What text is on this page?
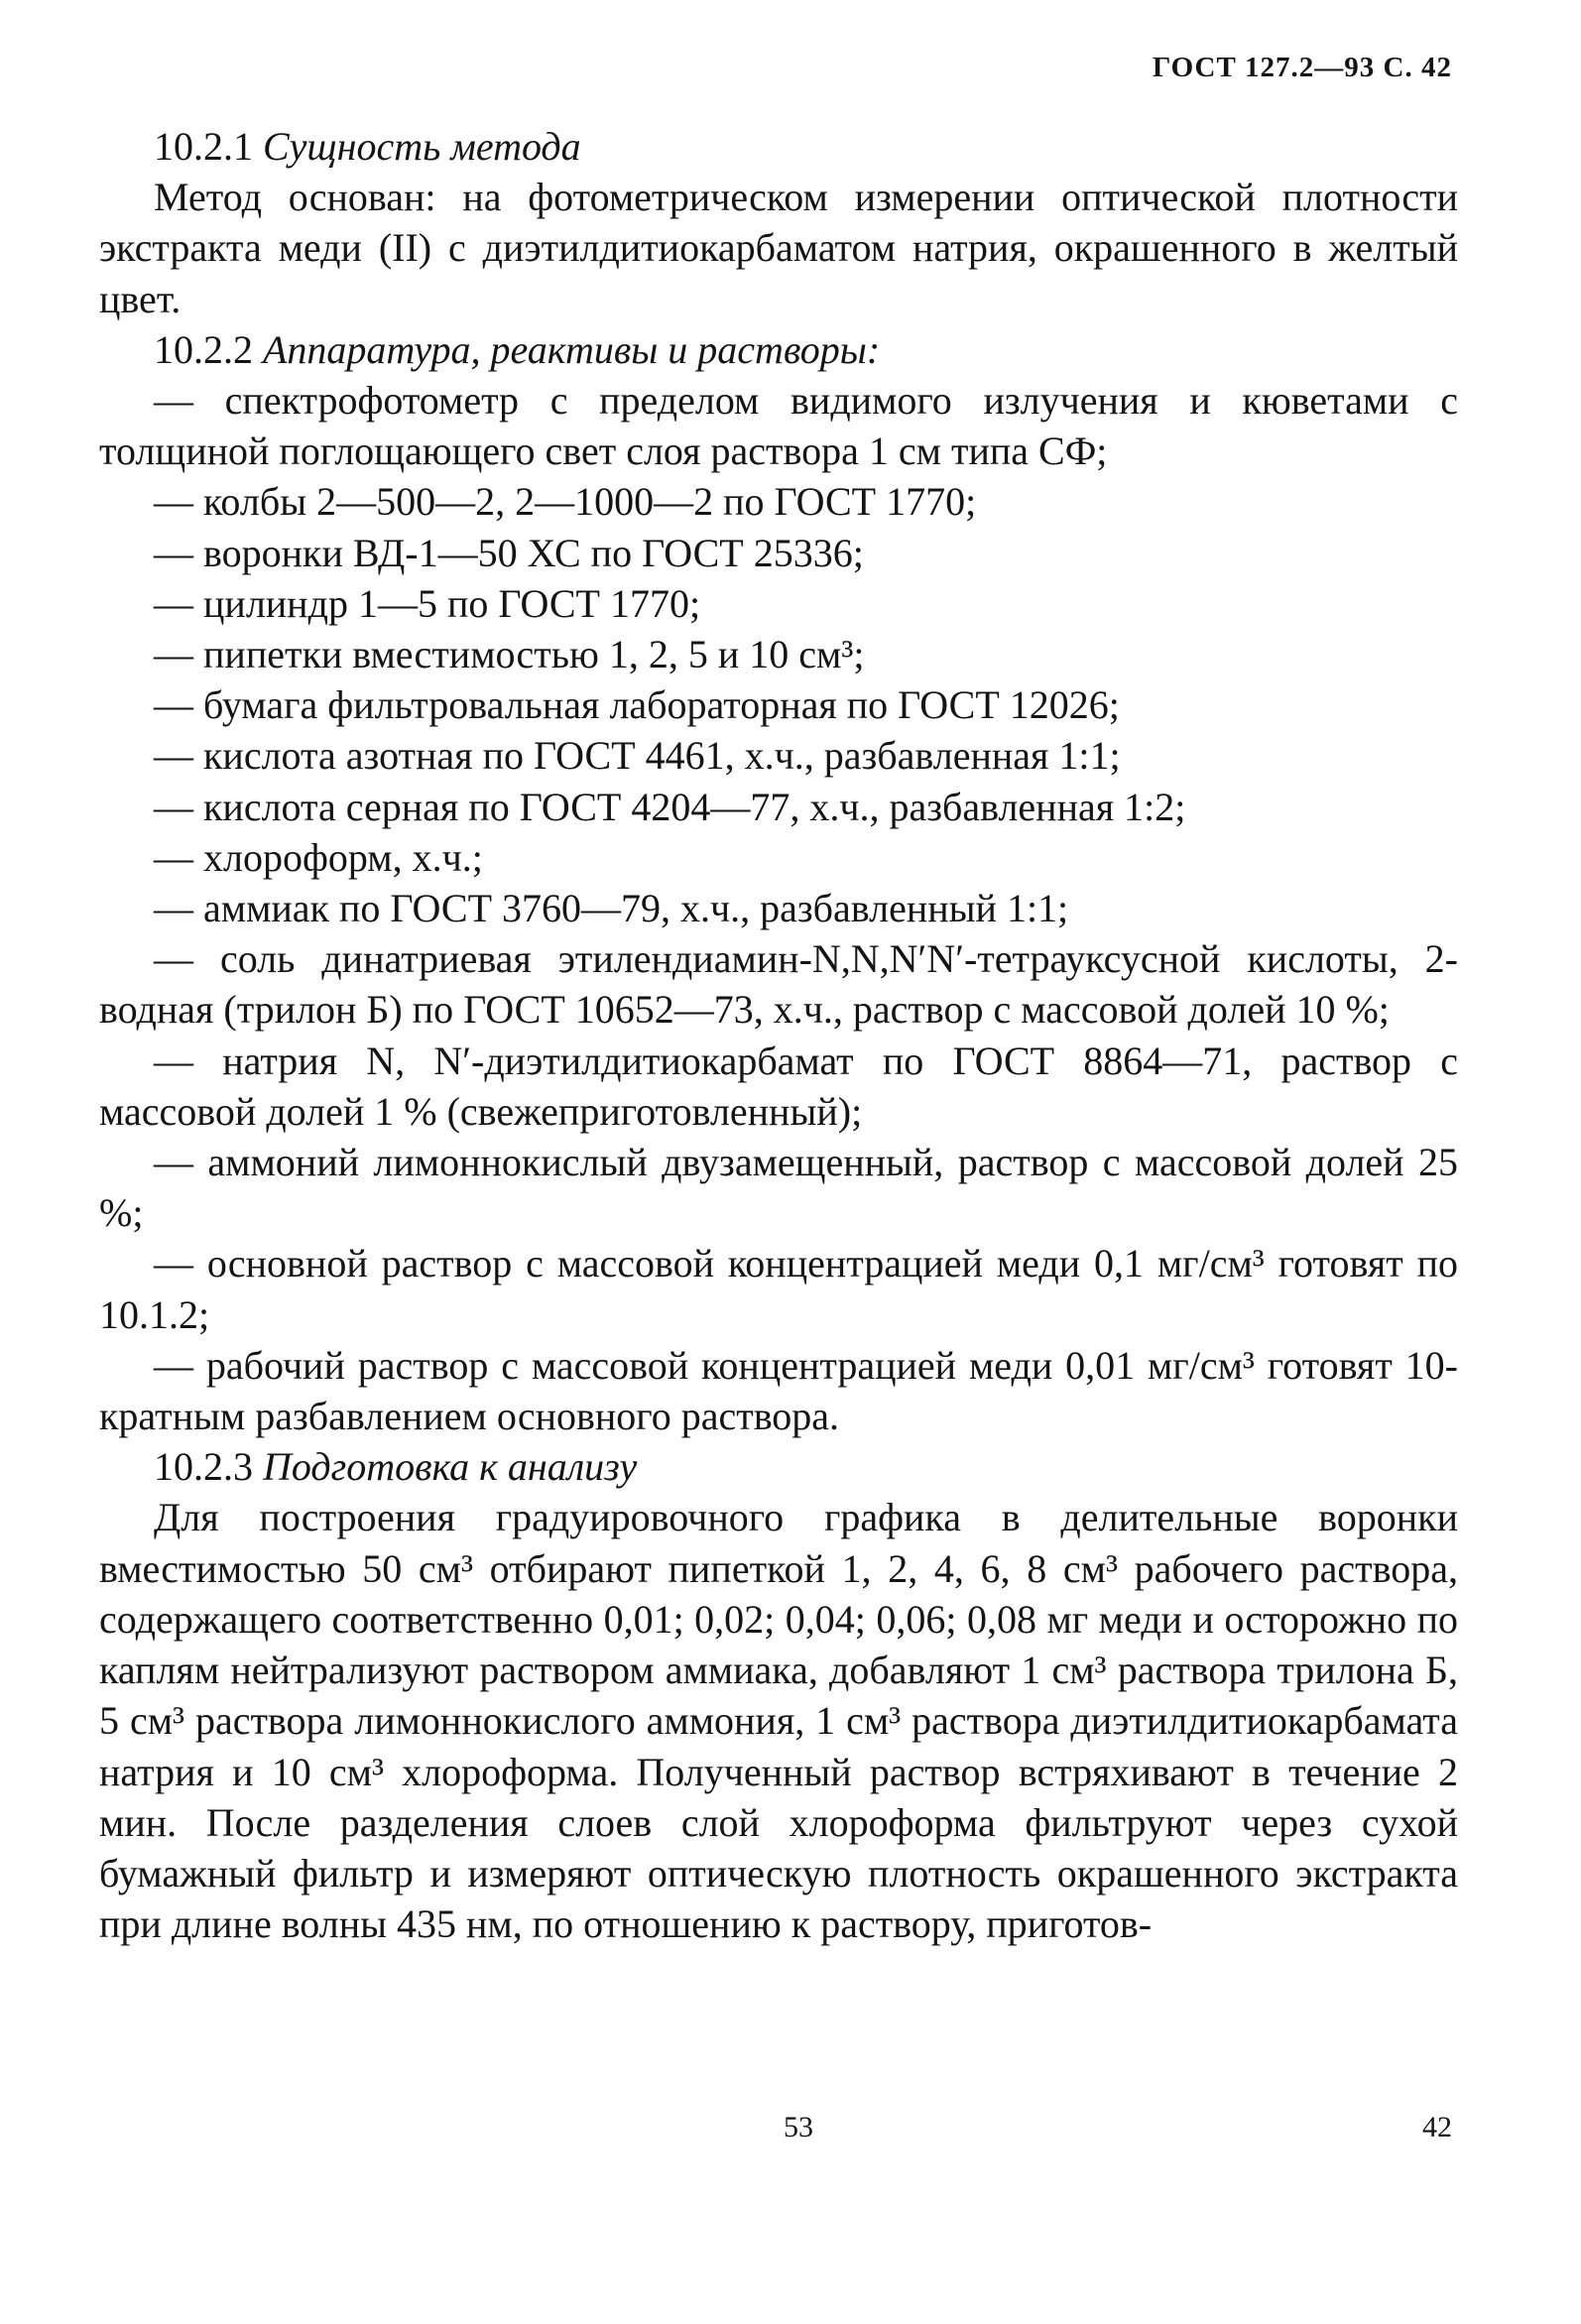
ГОСТ 127.2—93 С. 42

10.2.1 Сущность метода

Метод основан: на фотометрическом измерении оптической плотности экстракта меди (II) с диэтилдитиокарбаматом натрия, окрашенного в желтый цвет.

10.2.2 Аппаратура, реактивы и растворы:

— спектрофотометр с пределом видимого излучения и кюветами с толщиной поглощающего свет слоя раствора 1 см типа СФ;

— колбы 2—500—2, 2—1000—2 по ГОСТ 1770;

— воронки ВД-1—50 ХС по ГОСТ 25336;

— цилиндр 1—5 по ГОСТ 1770;

— пипетки вместимостью 1, 2, 5 и 10 см³;

— бумага фильтровальная лабораторная по ГОСТ 12026;

— кислота азотная по ГОСТ 4461, х.ч., разбавленная 1:1;

— кислота серная по ГОСТ 4204—77, х.ч., разбавленная 1:2;

— хлороформ, х.ч.;

— аммиак по ГОСТ 3760—79, х.ч., разбавленный 1:1;

— соль динатриевая этилендиамин-N,N,N′N′-тетрауксусной кислоты, 2-водная (трилон Б) по ГОСТ 10652—73, х.ч., раствор с массовой долей 10 %;

— натрия N, N′-диэтилдитиокарбамат по ГОСТ 8864—71, раствор с массовой долей 1 % (свежеприготовленный);

— аммоний лимоннокислый двузамещенный, раствор с массовой долей 25 %;

— основной раствор с массовой концентрацией меди 0,1 мг/см³ готовят по 10.1.2;

— рабочий раствор с массовой концентрацией меди 0,01 мг/см³ готовят 10-кратным разбавлением основного раствора.

10.2.3 Подготовка к анализу

Для построения градуировочного графика в делительные воронки вместимостью 50 см³ отбирают пипеткой 1, 2, 4, 6, 8 см³ рабочего раствора, содержащего соответственно 0,01; 0,02; 0,04; 0,06; 0,08 мг меди и осторожно по каплям нейтрализуют раствором аммиака, добавляют 1 см³ раствора трилона Б, 5 см³ раствора лимоннокислого аммония, 1 см³ раствора диэтилдитиокарбамата натрия и 10 см³ хлороформа. Полученный раствор встряхивают в течение 2 мин. После разделения слоев слой хлороформа фильтруют через сухой бумажный фильтр и измеряют оптическую плотность окрашенного экстракта при длине волны 435 нм, по отношению к раствору, приготов-

53	42
